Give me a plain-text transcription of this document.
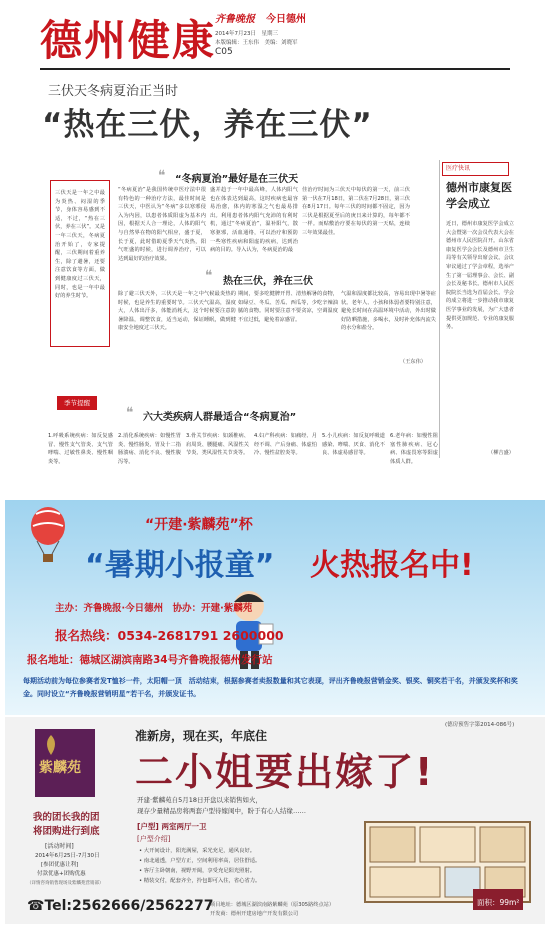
德州健康
齐鲁晚报 今日德州
2014年7月23日　星期三
本版编辑：王东伟　美编：刘晓军
C05
三伏天冬病夏治正当时
“热在三伏，养在三伏”
三伏天是一年之中最为炎热、闷湿的季节，身体容易感到不适，不过，“热在三伏，养在三伏”。又是一年三伏天，冬病夏治开始了，专家提醒，三伏期间着重养生，除了避暑，还要注意饮食等方面，做到健康度过三伏天，同时，也是一年中最好的养生时节。
季节提醒
❝ “冬病夏治”最好是在三伏天
“冬病夏治”是我国传统中医疗法中很有特色的一种治疗方法，最佳时间是三伏天，中医认为“冬病”多以寒邪侵入为内因，以患者体质阳虚为基本内因，根据天人合一理论，人体的阳气与自然界在物的阳气相应，盛于夏，长于夏，此时借助夏季天气炎热，阳气旺盛的时候，进行调养治疗，可以达到最好的治疗效果。
盛并趋于一年中最高峰，人体内阳气也在体表达到最高，这时疾病也最容易治愈，体内的寒湿之气也最易排出。利用患者体内阳气充沛的有利时机，通过“冬病夏治”，温补阳气，散寒驱邪，活血通络，可以治疗和预防一些寒性疾病和阳虚的疾病，达到治病的目的。导入认为，冬病夏治的最
佳治疗时间为三伏天中每伏的第一天，前三伏第一伏在7月18日，第二伏在7月28日，第三伏在8月17日。每年三伏的时间都不固定，因为三伏是根据夏至后的庚日来计算的，每年都不一样。而贴敷治疗要在每伏的第一天贴，连续三年效果最佳。
❝ 热在三伏，养在三伏
除了避三伏天外，三伏天是一年之中气候最炎热的时候，也是养生的重要时节。三伏天气温高，湿度大，人体出汗多，体能消耗大，这个时候要注意防暑降温，调整饮食，适当运动，保证睡眠，做到健康安全地度过三伏天。
期间，要多吃健脾开胃、清热解暑的食物，如绿豆、冬瓜、苦瓜、西瓜等，少吃辛辣油腻的食物。同时要注意不要贪凉，空调温度不宜过低，避免着凉感冒。
气温和湿度都比较高，容易出现中暑等症状。老年人、小孩和体弱者要特别注意，避免长时间在高温环境中活动，外出时做好防晒措施，多喝水，及时补充体内流失的水分和盐分。
（王东伟）
医疗快讯
德州市康复医学会成立
近日，德州市康复医学会成立大会暨第一次会员代表大会在德州市人民医院召开。山东省康复医学会会长及德州市卫生局等有关领导出席会议。会议审议通过了学会章程，选举产生了第一届理事会、会长、副会长及秘书长。德州市人民医院院长当选为首届会长。学会的成立将进一步推动我市康复医学事业的发展，为广大患者提供更加规范、专业的康复服务。
（柳吉盛）
❝ 六大类疾病人群最适合“冬病夏治”
1.呼吸系统疾病：如反复感冒、慢性支气管炎、支气管哮喘、过敏性鼻炎、慢性咽炎等。
2.消化系统疾病：如慢性胃炎、慢性肠炎、胃及十二指肠溃疡、消化不良、慢性腹泻等。
3.骨关节疾病：如颈椎病、肩周炎、腰腿痛、风湿性关节炎、类风湿性关节炎等。
4.妇产科疾病：如痛经、月经不调、产后身痛、体虚怕冷、慢性盆腔炎等。
5.小儿疾病：如反复呼吸道感染、哮喘、厌食、消化不良、体虚易感冒等。
6.老年病：如慢性阻塞性肺疾病、冠心病、体虚畏寒等阳虚体质人群。
“开建·紫麟苑”杯
“暑期小报童” 火热报名中!
主办：齐鲁晚报·今日德州　协办：开建·紫麟苑
报名热线：0534-2681791 2600000
报名地址：德城区湖滨南路34号齐鲁晚报德州发行站
每期活动前为每位参赛者发T恤衫一件，太阳帽一顶　活动结束，根据参赛者卖报数量和其它表现，评出齐鲁晚报营销金奖、银奖、铜奖若干名，并颁发奖杯和奖金。同时设立“齐鲁晚报营销明星”若干名，并颁发证书。
紫麟苑
我的团长我的团
将团购进行到底
[活动时间]
2014年6月25日-7月30日
[参团优惠让利]
付款优惠+团购优惠
（详情咨询销售现场及紫麟苑营销部）
☎Tel:2562666/2562277
(德房预售字第2014-086号)
准新房，现在买，年底住
二小姐要出嫁了!
开建·紫麟苑自5月18日开盘以来销售如火，
现存少量精品房将两套户型待嫁闺中，盼于有心人结缘……
[户型] 两室两厅一卫
[户型介绍]
• 大开间设计，阳光满屋，采光充足，通风良好。
• 南北通透，户型方正，空间利用率高，居住舒适。
• 客厅主卧朝南，视野开阔，享受充足阳光照射。
• 精装交付，配套齐全，拎包即可入住，省心省力。
项目地址：德城区湖滨南路紫麟苑（原305路终点站）
开发商：德州开建房地产开发有限公司
面积：99m²
